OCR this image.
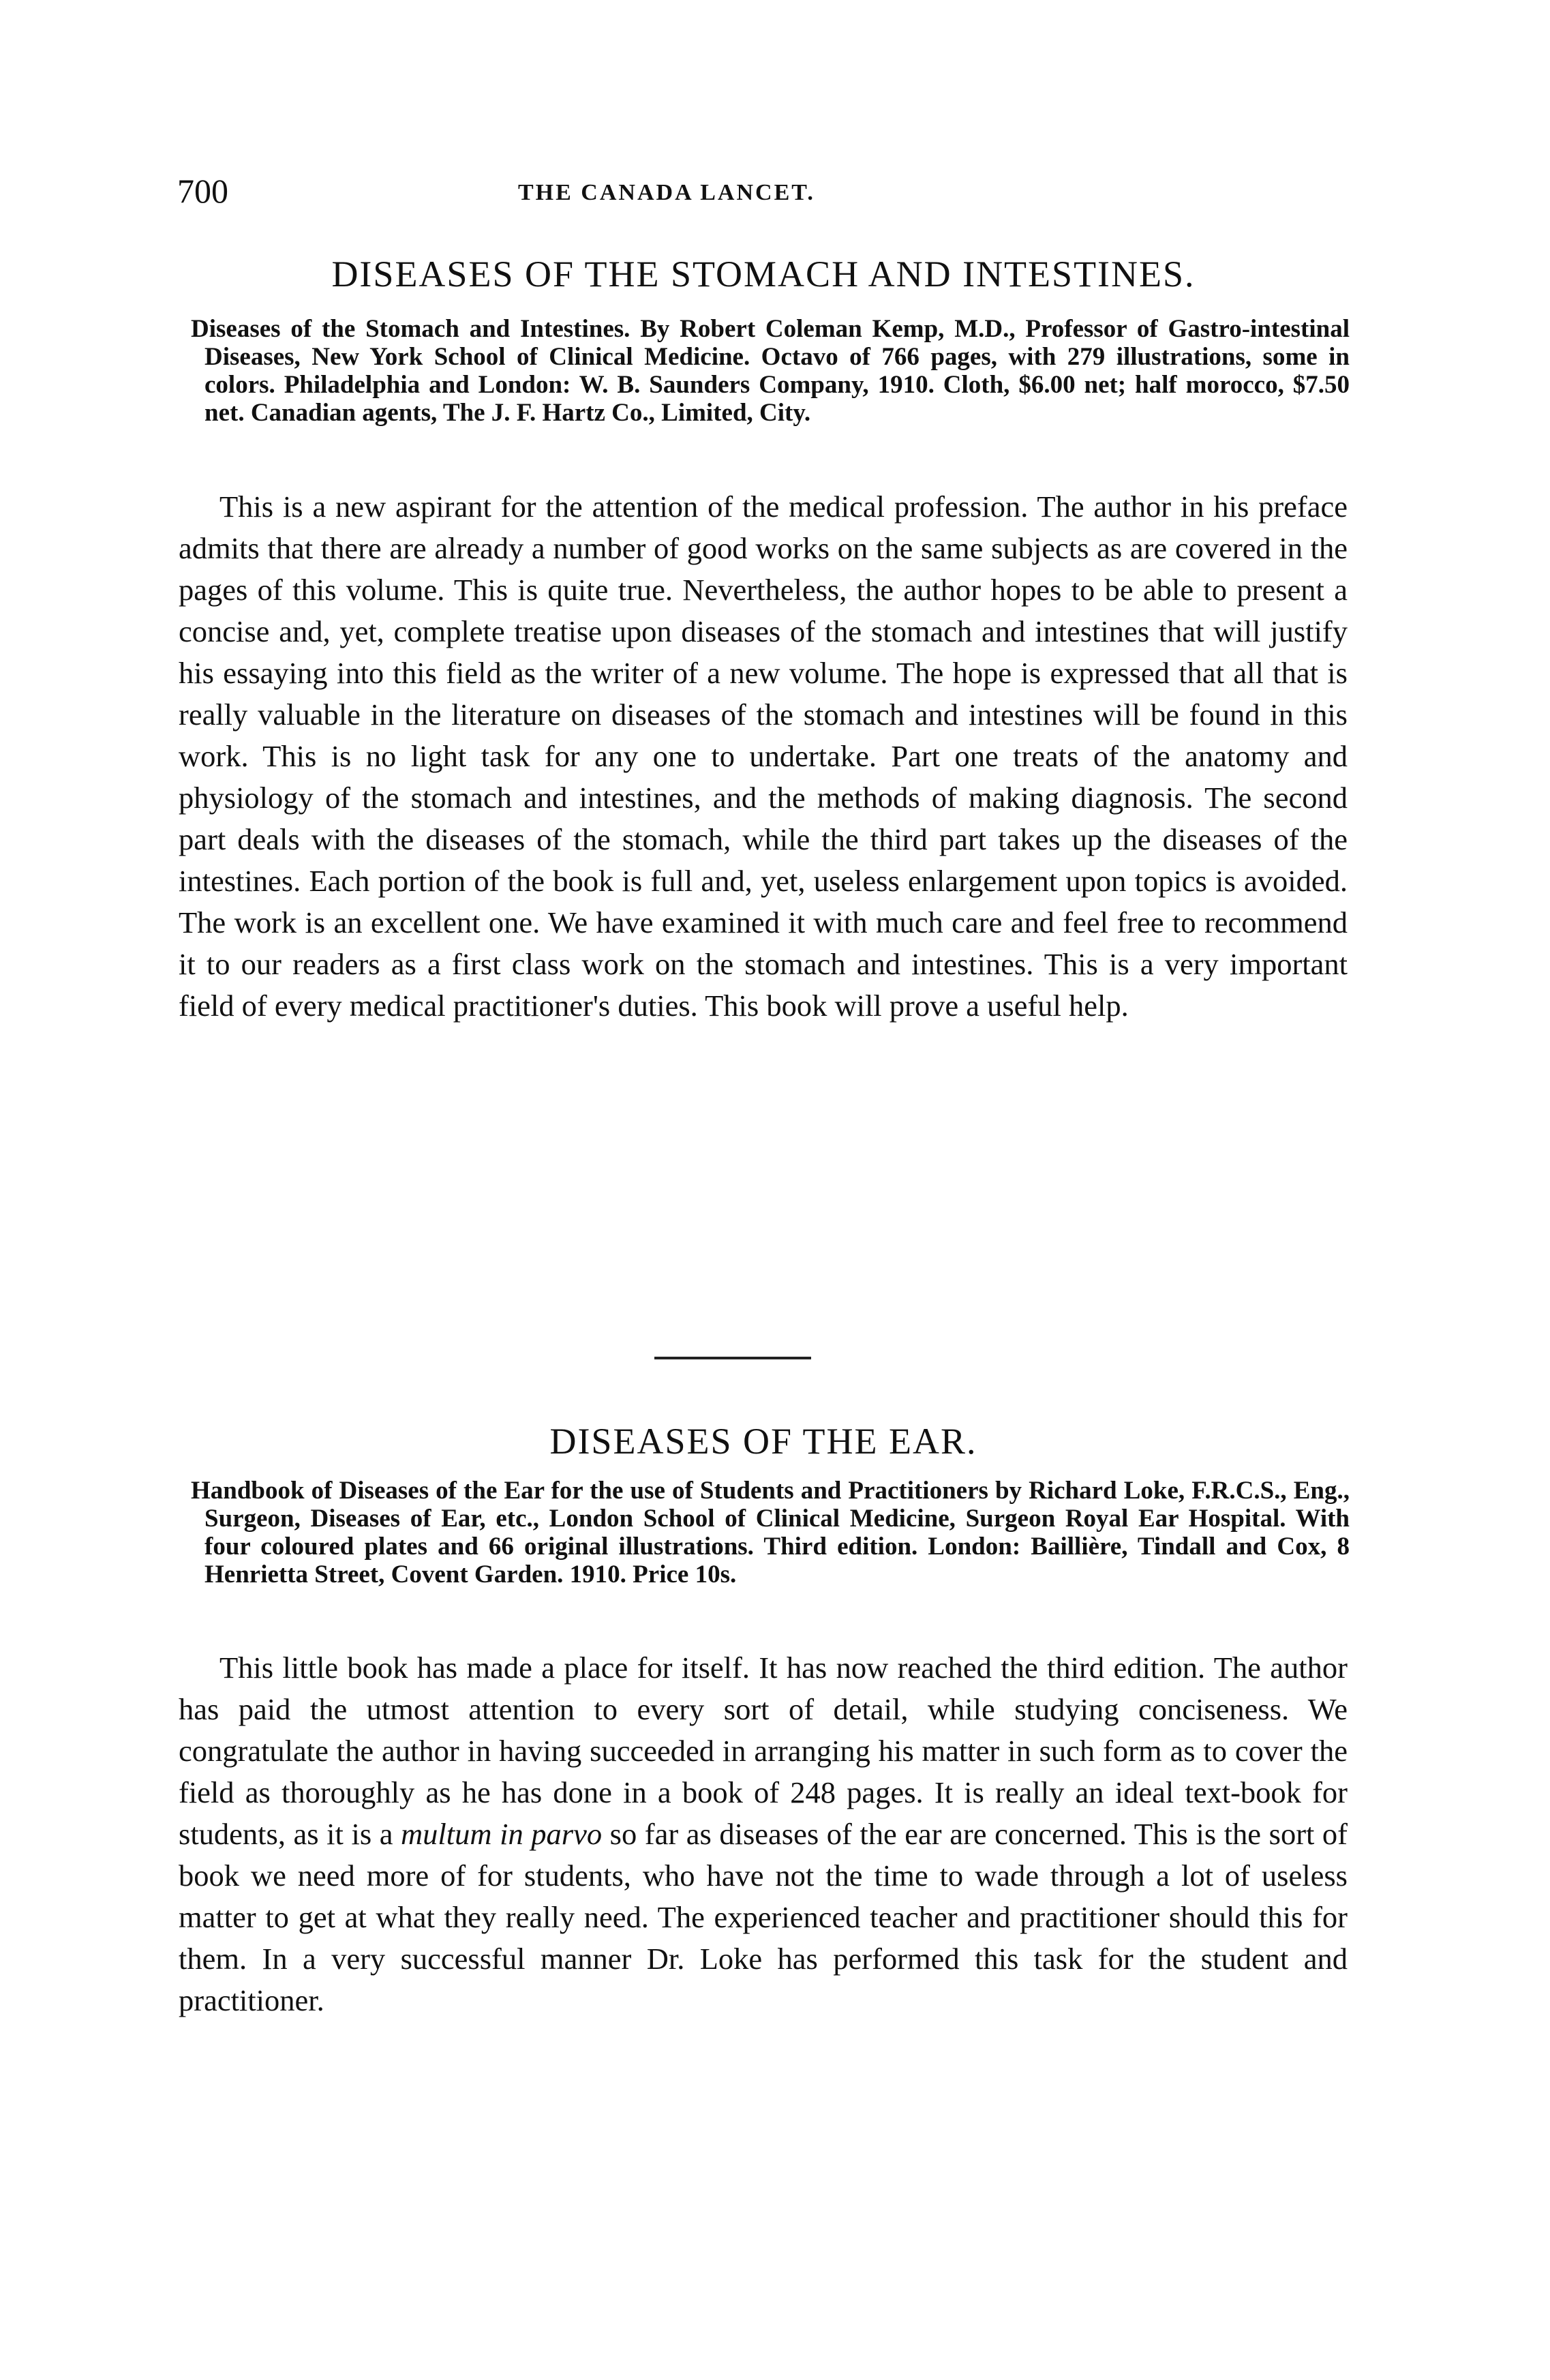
700	THE CANADA LANCET.
DISEASES OF THE STOMACH AND INTESTINES.

Diseases of the Stomach and Intestines. By Robert Coleman Kemp, M.D., Professor of Gastro-intestinal Diseases, New York School of Clinical Medicine. Octavo of 766 pages, with 279 illustrations, some in colors. Philadelphia and London: W. B. Saunders Company, 1910. Cloth, $6.00 net; half morocco, $7.50 net. Canadian agents, The J. F. Hartz Co., Limited, City.

This is a new aspirant for the attention of the medical profession. The author in his preface admits that there are already a number of good works on the same subjects as are covered in the pages of this volume. This is quite true. Nevertheless, the author hopes to be able to present a concise and, yet, complete treatise upon diseases of the stomach and intestines that will justify his essaying into this field as the writer of a new volume. The hope is expressed that all that is really valuable in the literature on diseases of the stomach and intestines will be found in this work. This is no light task for any one to undertake. Part one treats of the anatomy and physiology of the stomach and intestines, and the methods of making diagnosis. The second part deals with the diseases of the stomach, while the third part takes up the diseases of the intestines. Each portion of the book is full and, yet, useless enlargement upon topics is avoided. The work is an excellent one. We have examined it with much care and feel free to recommend it to our readers as a first class work on the stomach and intestines. This is a very important field of every medical practitioner's duties. This book will prove a useful help.

DISEASES OF THE EAR.

Handbook of Diseases of the Ear for the use of Students and Practitioners by Richard Loke, F.R.C.S., Eng., Surgeon, Diseases of Ear, etc., London School of Clinical Medicine, Surgeon Royal Ear Hospital. With four coloured plates and 66 original illustrations. Third edition. London: Baillière, Tindall and Cox, 8 Henrietta Street, Covent Garden. 1910. Price 10s.

This little book has made a place for itself. It has now reached the third edition. The author has paid the utmost attention to every sort of detail, while studying conciseness. We congratulate the author in having succeeded in arranging his matter in such form as to cover the field as thoroughly as he has done in a book of 248 pages. It is really an ideal text-book for students, as it is a multum in parvo so far as diseases of the ear are concerned. This is the sort of book we need more of for students, who have not the time to wade through a lot of useless matter to get at what they really need. The experienced teacher and practitioner should this for them. In a very successful manner Dr. Loke has performed this task for the student and practitioner.
